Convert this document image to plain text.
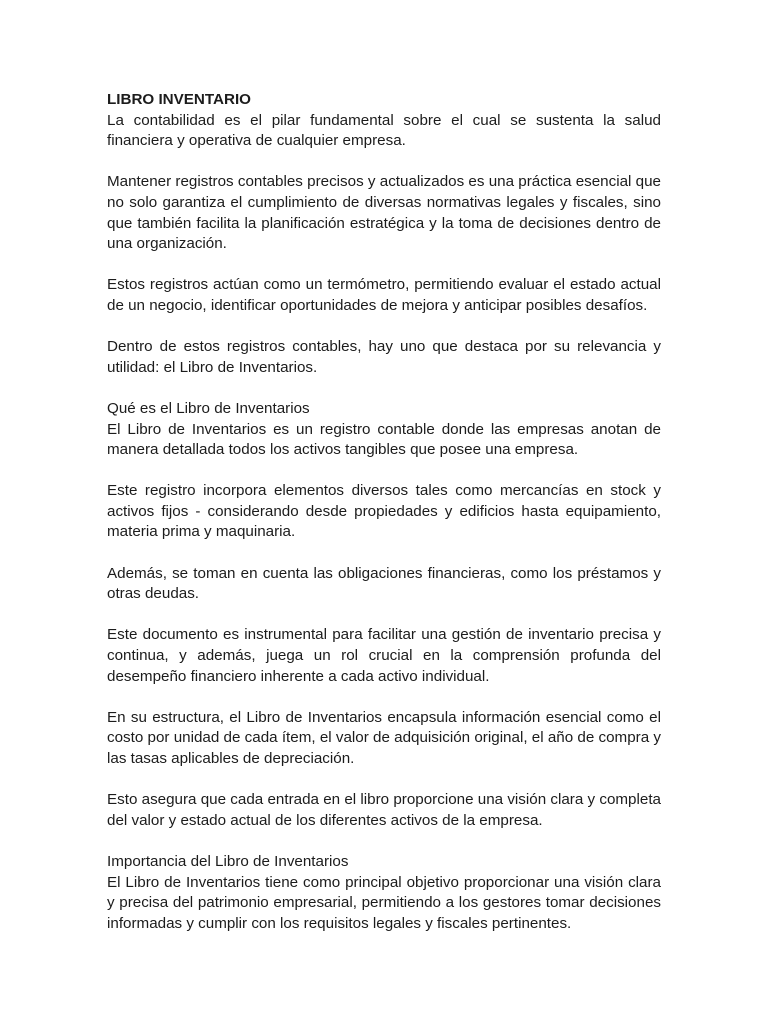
LIBRO INVENTARIO

La contabilidad es el pilar fundamental sobre el cual se sustenta la salud financiera y operativa de cualquier empresa.

Mantener registros contables precisos y actualizados es una práctica esencial que no solo garantiza el cumplimiento de diversas normativas legales y fiscales, sino que también facilita la planificación estratégica y la toma de decisiones dentro de una organización.

Estos registros actúan como un termómetro, permitiendo evaluar el estado actual de un negocio, identificar oportunidades de mejora y anticipar posibles desafíos.

Dentro de estos registros contables, hay uno que destaca por su relevancia y utilidad: el Libro de Inventarios.

Qué es el Libro de Inventarios

El Libro de Inventarios es un registro contable donde las empresas anotan de manera detallada todos los activos tangibles que posee una empresa.

Este registro incorpora elementos diversos tales como mercancías en stock y activos fijos - considerando desde propiedades y edificios hasta equipamiento, materia prima y maquinaria.

Además, se toman en cuenta las obligaciones financieras, como los préstamos y otras deudas.

Este documento es instrumental para facilitar una gestión de inventario precisa y continua, y además, juega un rol crucial en la comprensión profunda del desempeño financiero inherente a cada activo individual.

En su estructura, el Libro de Inventarios encapsula información esencial como el costo por unidad de cada ítem, el valor de adquisición original, el año de compra y las tasas aplicables de depreciación.

Esto asegura que cada entrada en el libro proporcione una visión clara y completa del valor y estado actual de los diferentes activos de la empresa.

Importancia del Libro de Inventarios

El Libro de Inventarios tiene como principal objetivo proporcionar una visión clara y precisa del patrimonio empresarial, permitiendo a los gestores tomar decisiones informadas y cumplir con los requisitos legales y fiscales pertinentes.
